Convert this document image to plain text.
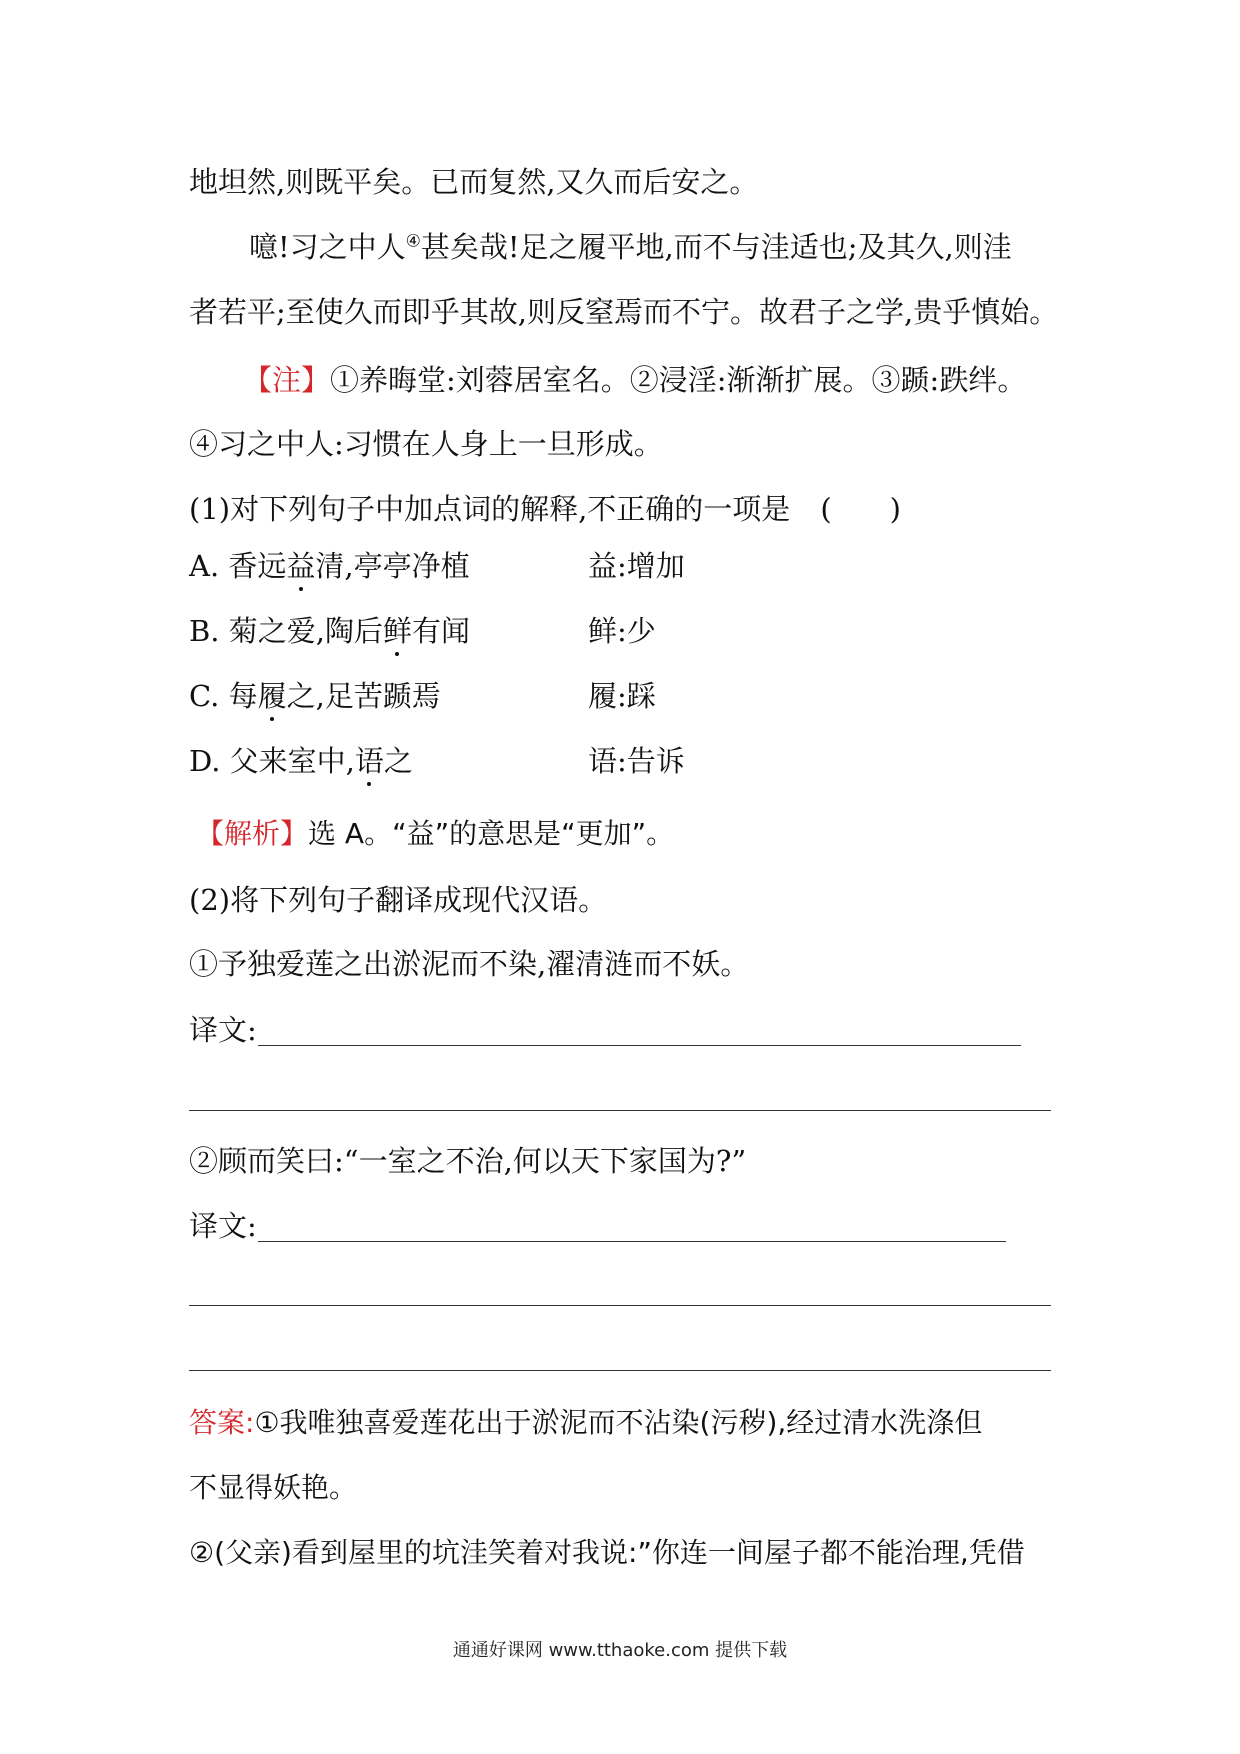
地坦然,则既平矣。已而复然,又久而后安之。
噫!习之中人④甚矣哉!足之履平地,而不与洼适也;及其久,则洼
者若平;至使久而即乎其故,则反窒焉而不宁。故君子之学,贵乎慎始。
【注】①养晦堂:刘蓉居室名。②浸淫:渐渐扩展。③踬:跌绊。
④习之中人:习惯在人身上一旦形成。
(1)对下列句子中加点词的解释,不正确的一项是 (　　)
A. 香远益清,亭亭净植	益:增加
B. 菊之爱,陶后鲜有闻	鲜:少
C. 每履之,足苦踬焉	履:踩
D. 父来室中,语之	语:告诉
【解析】选 A。“益”的意思是“更加”。
(2)将下列句子翻译成现代汉语。
①予独爱莲之出淤泥而不染,濯清涟而不妖。
译文:
②顾而笑曰:“一室之不治,何以天下家国为?”
译文:
答案:①我唯独喜爱莲花出于淤泥而不沾染(污秽),经过清水洗涤但
不显得妖艳。
②(父亲)看到屋里的坑洼笑着对我说:”你连一间屋子都不能治理,凭借
通通好课网 www.tthaoke.com 提供下载
